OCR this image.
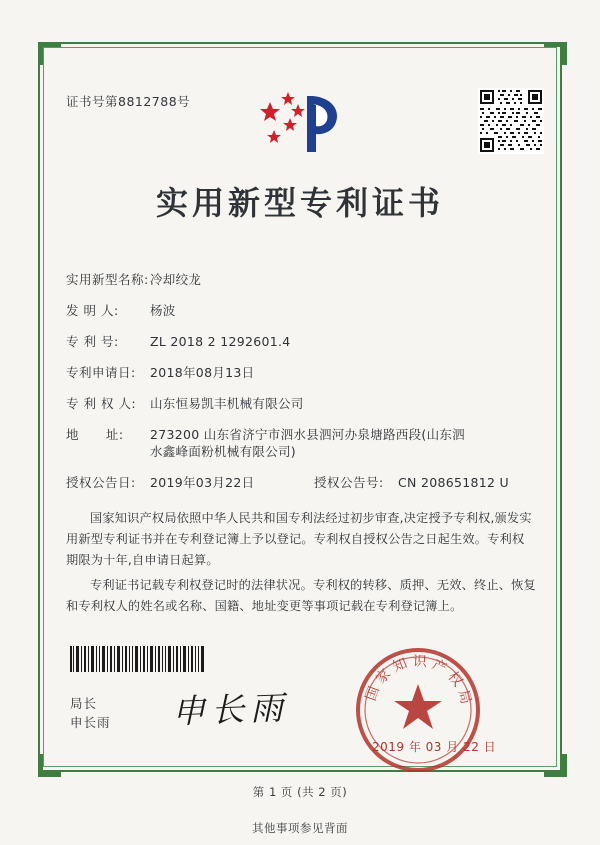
证书号第8812788号
实用新型专利证书
实用新型名称: 冷却绞龙
发 明 人:	杨波
专 利 号:	ZL 2018 2 1292601.4
专利申请日: 2018年08月13日
专 利 权 人: 山东恒易凯丰机械有限公司
地      址: 273200 山东省济宁市泗水县泗河办泉塘路西段(山东泗
水鑫峰面粉机械有限公司)
授权公告日: 2019年03月22日	授权公告号: CN 208651812 U
国家知识产权局依照中华人民共和国专利法经过初步审查,决定授予专利权,颁发实用新型专利证书并在专利登记簿上予以登记。专利权自授权公告之日起生效。专利权期限为十年,自申请日起算。
专利证书记载专利权登记时的法律状况。专利权的转移、质押、无效、终止、恢复和专利权人的姓名或名称、国籍、地址变更等事项记载在专利登记簿上。
局长
申长雨 申长雨	国 家 知 识 产 权 局
2019 年 03 月 22 日
第 1 页 (共 2 页)
其他事项参见背面
